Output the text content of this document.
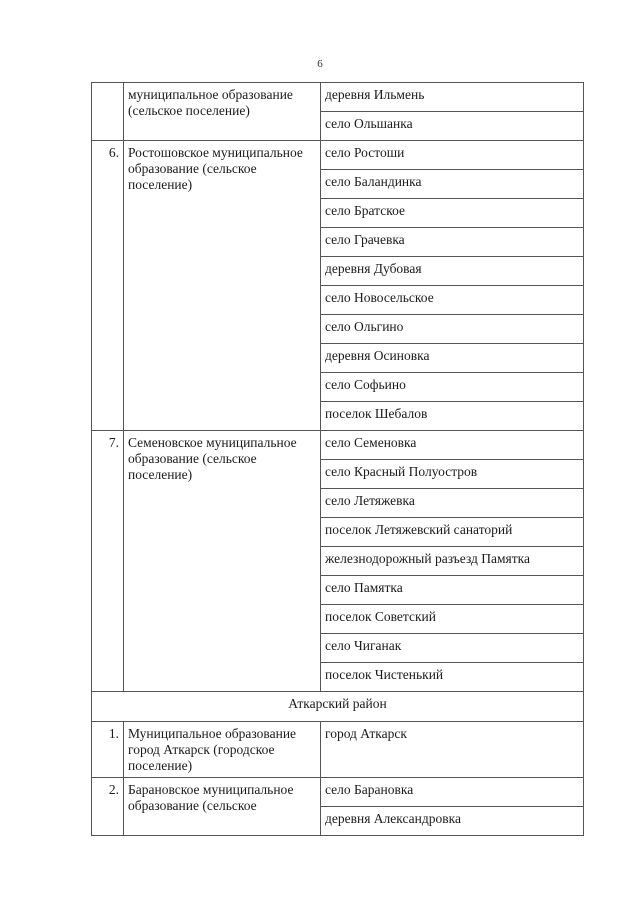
6
	муниципальное образование (сельское поселение)	деревня Ильмень
		село Ольшанка
6.	Ростошовское муниципальное образование (сельское поселение)	село Ростоши
		село Баландинка
		село Братское
		село Грачевка
		деревня Дубовая
		село Новосельское
		село Ольгино
		деревня Осиновка
		село Софьино
		поселок Шебалов
7.	Семеновское муниципальное образование (сельское поселение)	село Семеновка
		село Красный Полуостров
		село Летяжевка
		поселок Летяжевский санаторий
		железнодорожный разъезд Памятка
		село Памятка
		поселок Советский
		село Чиганак
		поселок Чистенький
Аткарский район		
1.	Муниципальное образование город Аткарск (городское поселение)	город Аткарск
2.	Барановское муниципальное образование (сельское	село Барановка
		деревня Александровка
